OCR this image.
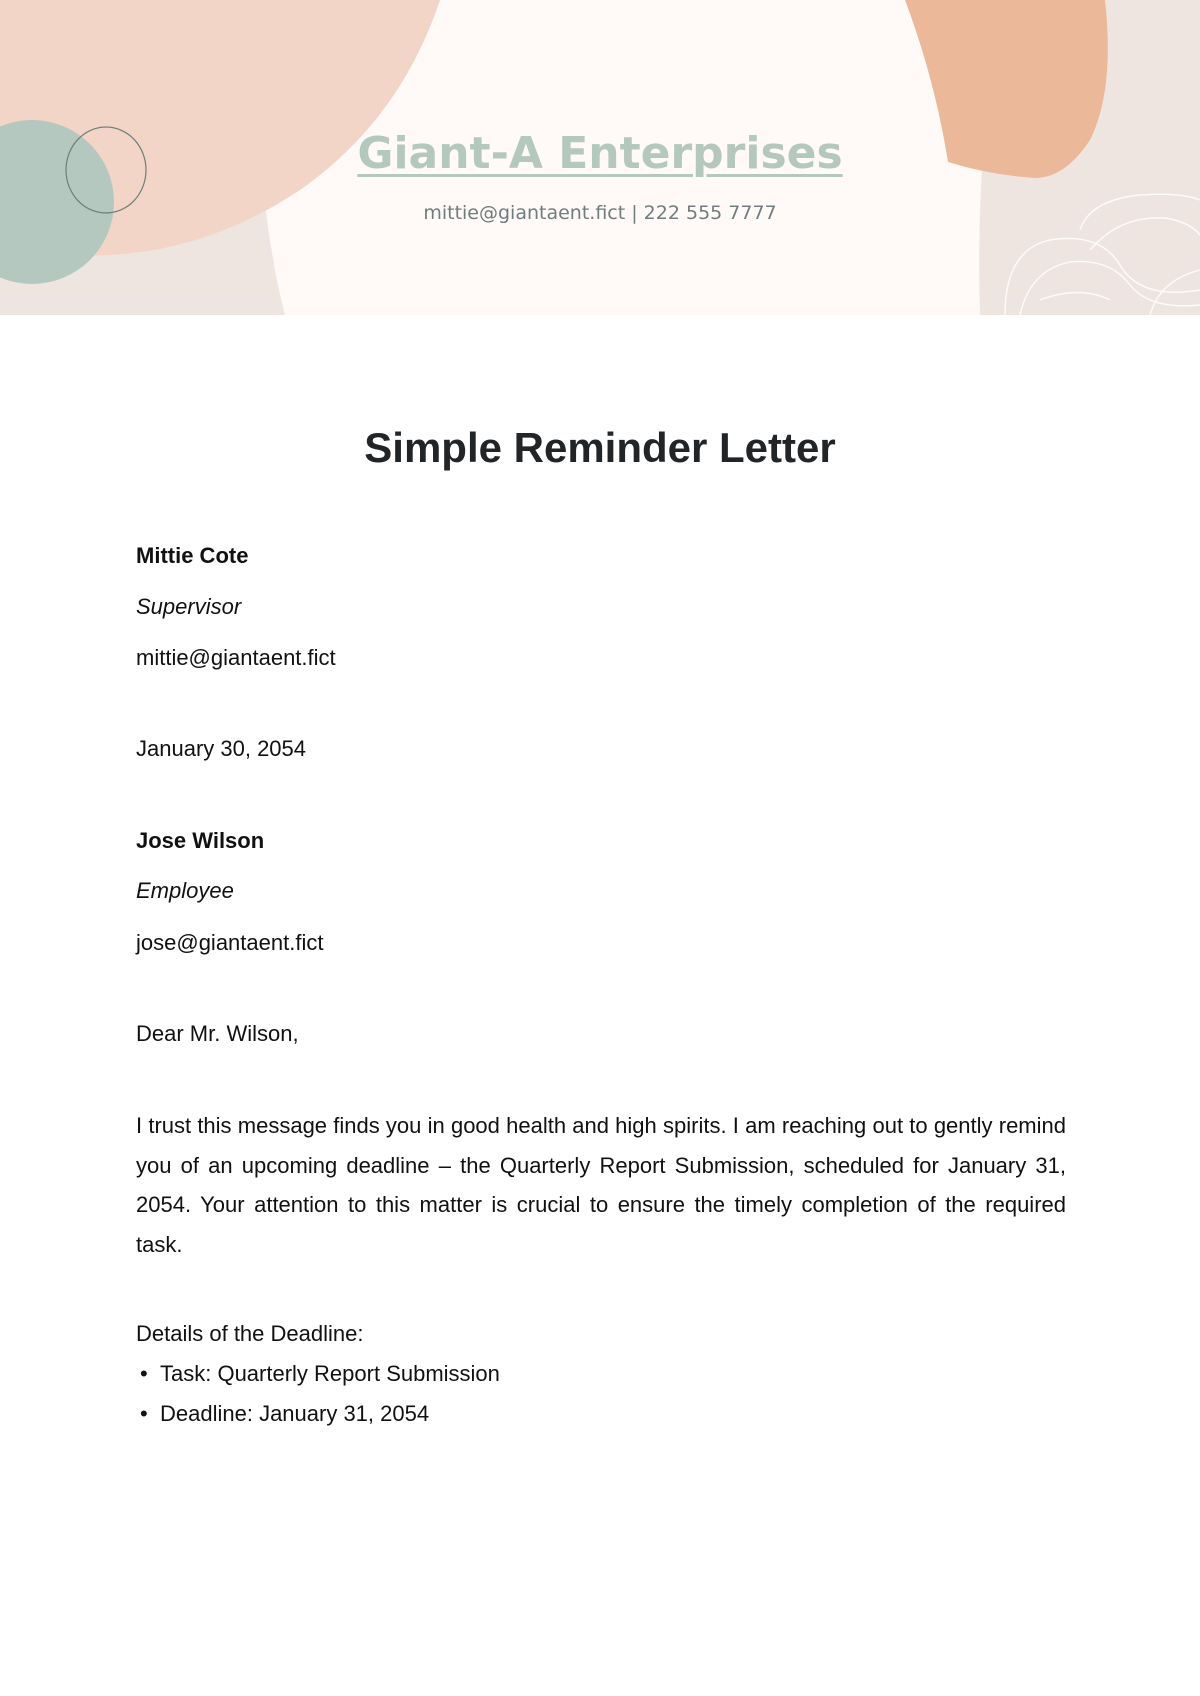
Giant-A Enterprises

mittie@giantaent.fict | 222 555 7777

Simple Reminder Letter

Mittie Cote

Supervisor

mittie@giantaent.fict

January 30, 2054

Jose Wilson

Employee

jose@giantaent.fict

Dear Mr. Wilson,

I trust this message finds you in good health and high spirits. I am reaching out to gently remind you of an upcoming deadline – the Quarterly Report Submission, scheduled for January 31, 2054. Your attention to this matter is crucial to ensure the timely completion of the required task.

Details of the Deadline:

• Task: Quarterly Report Submission
• Deadline: January 31, 2054
